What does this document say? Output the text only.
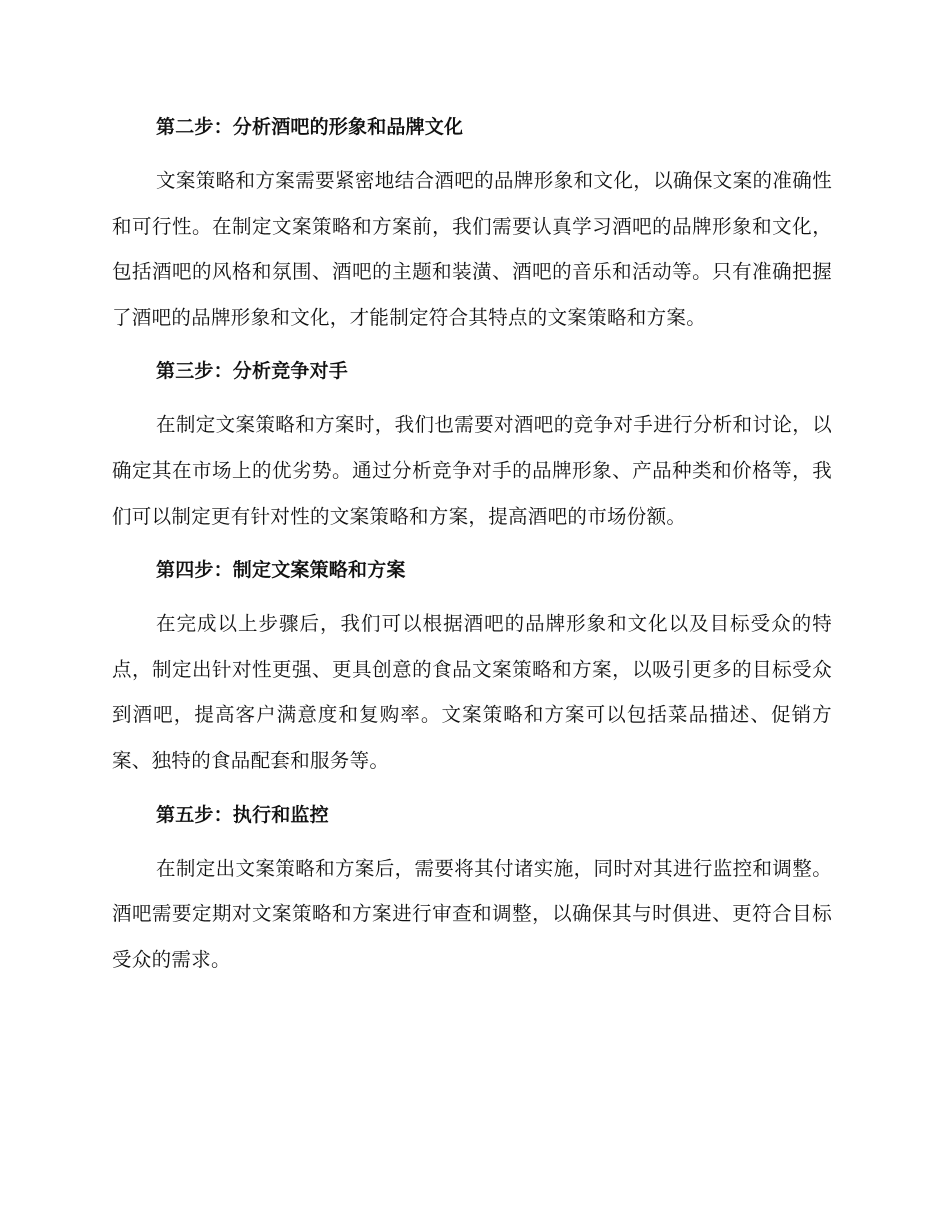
第二步：分析酒吧的形象和品牌文化

文案策略和方案需要紧密地结合酒吧的品牌形象和文化，以确保文案的准确性和可行性。在制定文案策略和方案前，我们需要认真学习酒吧的品牌形象和文化，包括酒吧的风格和氛围、酒吧的主题和装潢、酒吧的音乐和活动等。只有准确把握了酒吧的品牌形象和文化，才能制定符合其特点的文案策略和方案。

第三步：分析竞争对手

在制定文案策略和方案时，我们也需要对酒吧的竞争对手进行分析和讨论，以确定其在市场上的优劣势。通过分析竞争对手的品牌形象、产品种类和价格等，我们可以制定更有针对性的文案策略和方案，提高酒吧的市场份额。

第四步：制定文案策略和方案

在完成以上步骤后，我们可以根据酒吧的品牌形象和文化以及目标受众的特点，制定出针对性更强、更具创意的食品文案策略和方案，以吸引更多的目标受众到酒吧，提高客户满意度和复购率。文案策略和方案可以包括菜品描述、促销方案、独特的食品配套和服务等。

第五步：执行和监控

在制定出文案策略和方案后，需要将其付诸实施，同时对其进行监控和调整。酒吧需要定期对文案策略和方案进行审查和调整，以确保其与时俱进、更符合目标受众的需求。
